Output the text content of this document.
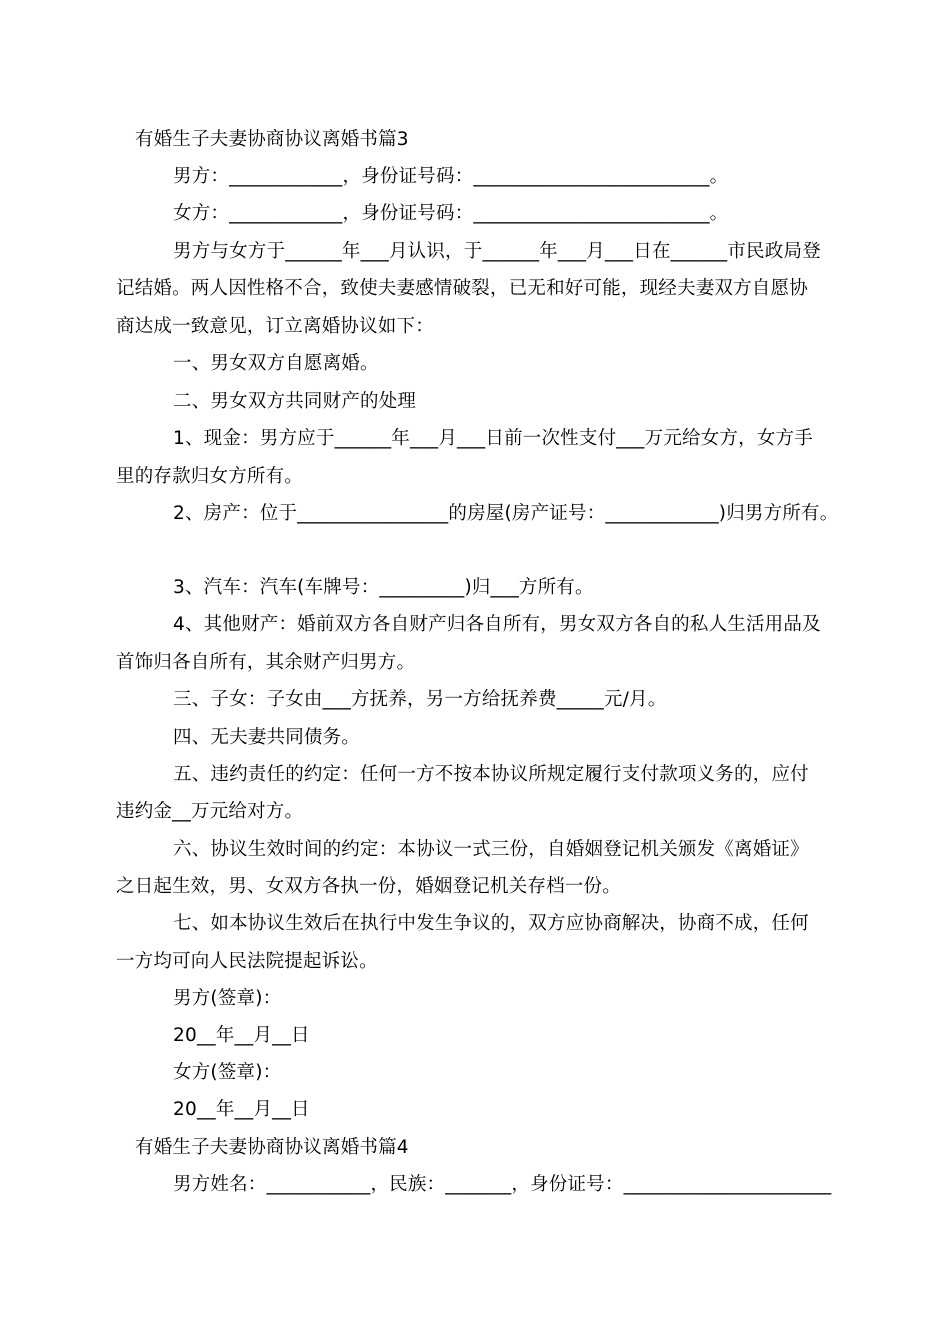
有婚生子夫妻协商协议离婚书篇3
男方：____________，身份证号码：_________________________。
女方：____________，身份证号码：_________________________。
男方与女方于______年___月认识，于______年___月___日在______市民政局登
记结婚。两人因性格不合，致使夫妻感情破裂，已无和好可能，现经夫妻双方自愿协
商达成一致意见，订立离婚协议如下：
一、男女双方自愿离婚。
二、男女双方共同财产的处理
1、现金：男方应于______年___月___日前一次性支付___万元给女方，女方手
里的存款归女方所有。
2、房产：位于________________的房屋(房产证号：____________)归男方所有。
3、汽车：汽车(车牌号：_________)归___方所有。
4、其他财产：婚前双方各自财产归各自所有，男女双方各自的私人生活用品及
首饰归各自所有，其余财产归男方。
三、子女：子女由___方抚养，另一方给抚养费_____元/月。
四、无夫妻共同债务。
五、违约责任的约定：任何一方不按本协议所规定履行支付款项义务的，应付
违约金__万元给对方。
六、协议生效时间的约定：本协议一式三份，自婚姻登记机关颁发《离婚证》
之日起生效，男、女双方各执一份，婚姻登记机关存档一份。
七、如本协议生效后在执行中发生争议的，双方应协商解决，协商不成，任何
一方均可向人民法院提起诉讼。
男方(签章)：
20__年__月__日
女方(签章)：
20__年__月__日
有婚生子夫妻协商协议离婚书篇4
男方姓名：___________，民族：_______，身份证号：______________________
